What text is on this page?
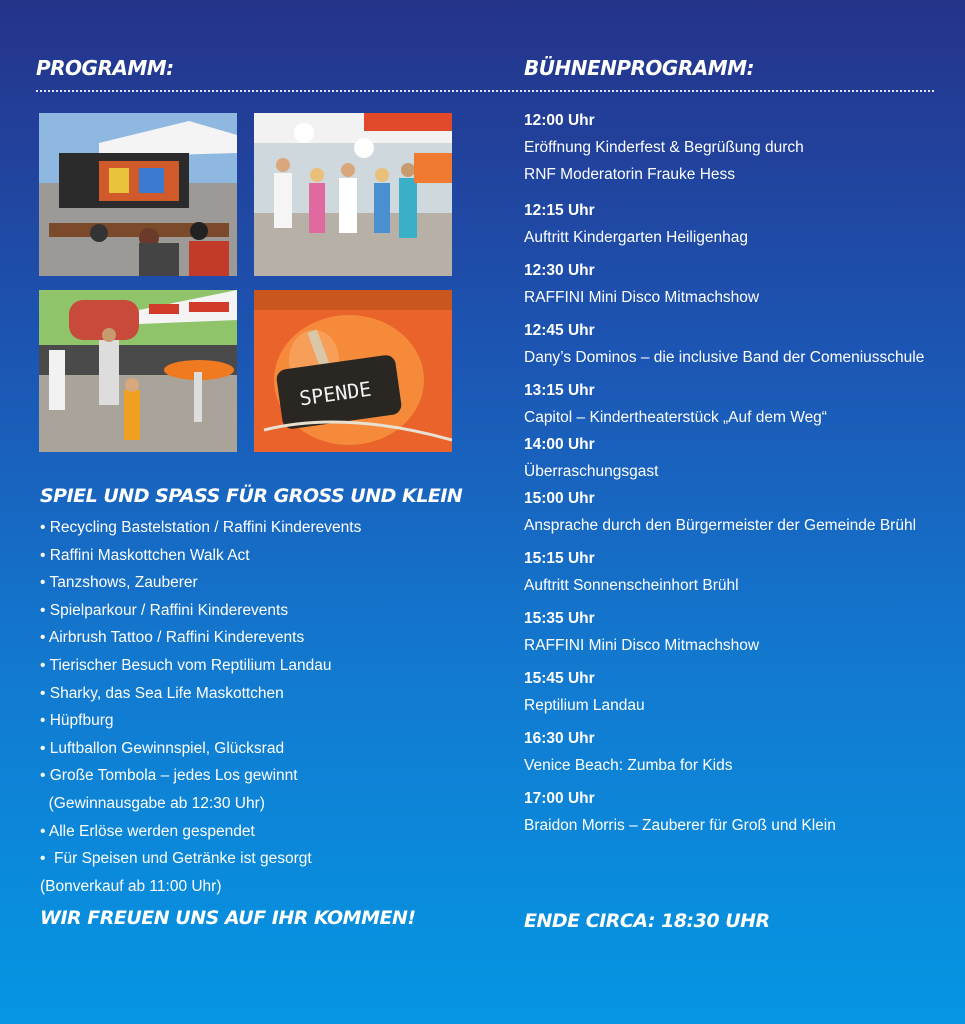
PROGRAMM:	BÜHNENPROGRAMM:
SPENDE
SPIEL UND SPASS FÜR GROSS UND KLEIN
• Recycling Bastelstation / Raffini Kinderevents
• Raffini Maskottchen Walk Act
• Tanzshows, Zauberer
• Spielparkour / Raffini Kinderevents
• Airbrush Tattoo / Raffini Kinderevents
• Tierischer Besuch vom Reptilium Landau
• Sharky, das Sea Life Maskottchen
• Hüpfburg
• Luftballon Gewinnspiel, Glücksrad
• Große Tombola – jedes Los gewinnt
(Gewinnausgabe ab 12:30 Uhr)
• Alle Erlöse werden gespendet
•  Für Speisen und Getränke ist gesorgt
(Bonverkauf ab 11:00 Uhr)
WIR FREUEN UNS AUF IHR KOMMEN!
12:00 Uhr
Eröffnung Kinderfest & Begrüßung durch RNF Moderatorin Frauke Hess
12:15 Uhr
Auftritt Kindergarten Heiligenhag
12:30 Uhr
RAFFINI Mini Disco Mitmachshow
12:45 Uhr
Dany’s Dominos – die inclusive Band der Comeniusschule
13:15 Uhr
Capitol – Kindertheaterstück „Auf dem Weg“
14:00 Uhr
Überraschungsgast
15:00 Uhr
Ansprache durch den Bürgermeister der Gemeinde Brühl
15:15 Uhr
Auftritt Sonnenscheinhort Brühl
15:35 Uhr
RAFFINI Mini Disco Mitmachshow
15:45 Uhr
Reptilium Landau
16:30 Uhr
Venice Beach: Zumba for Kids
17:00 Uhr
Braidon Morris – Zauberer für Groß und Klein
ENDE CIRCA: 18:30 UHR
